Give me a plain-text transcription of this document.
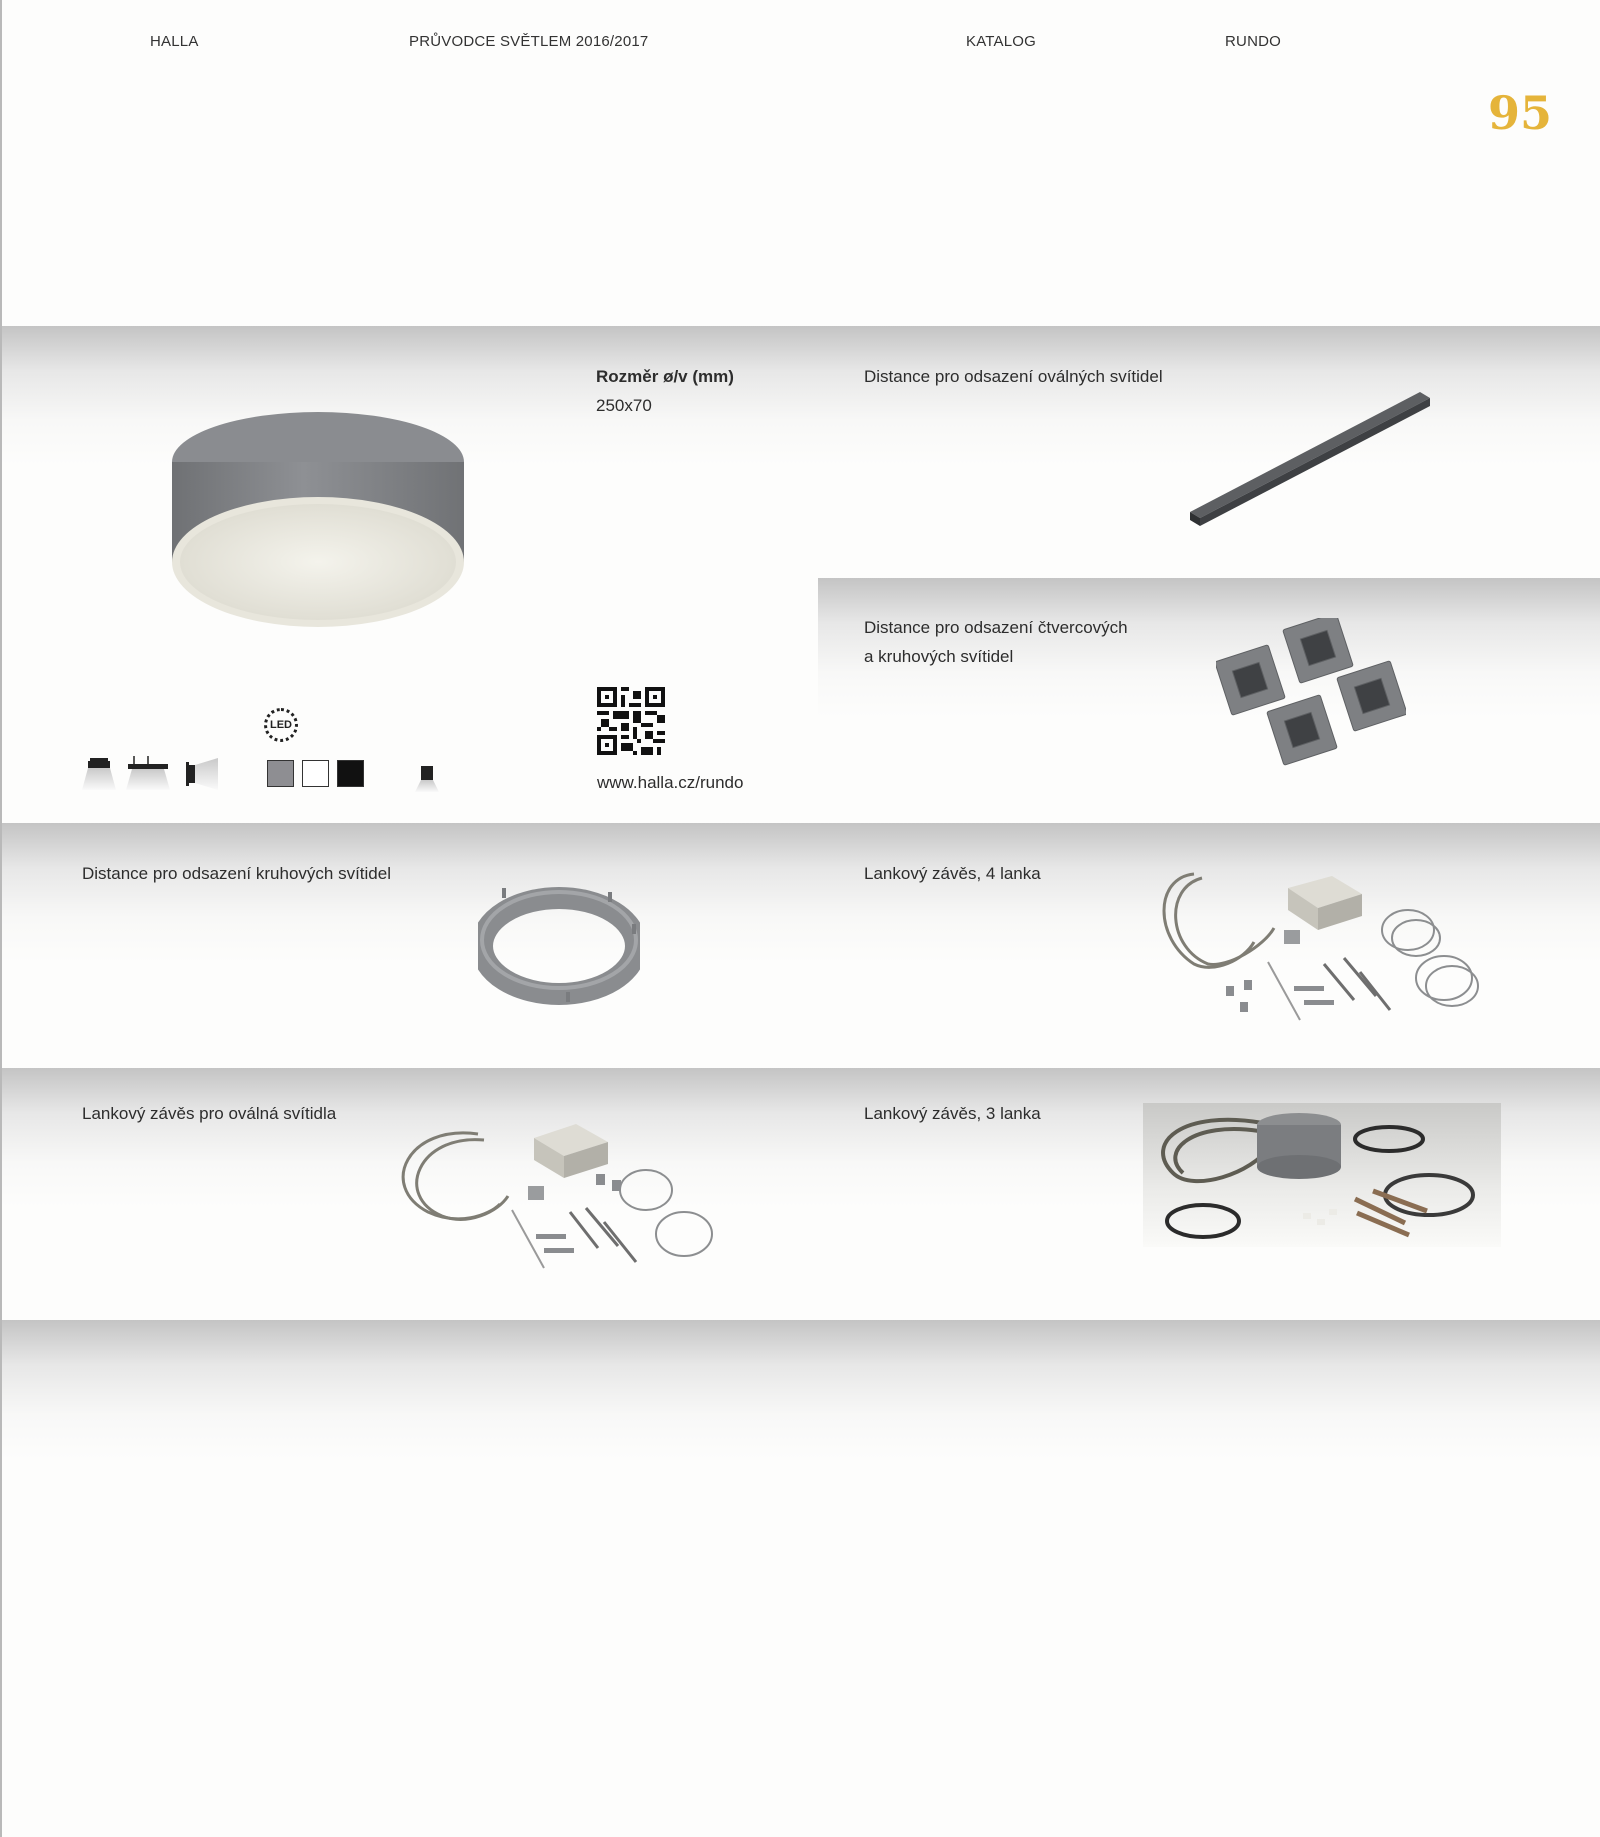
HALLA	PRŮVODCE SVĚTLEM 2016/2017	KATALOG	RUNDO
95
Rozměr ø/v (mm)
250x70
LED
www.halla.cz/rundo
Distance pro odsazení oválných svítidel
Distance pro odsazení čtvercových
a kruhových svítidel
Distance pro odsazení kruhových svítidel	Lankový závěs, 4 lanka
Lankový závěs pro oválná svítidla	Lankový závěs, 3 lanka
